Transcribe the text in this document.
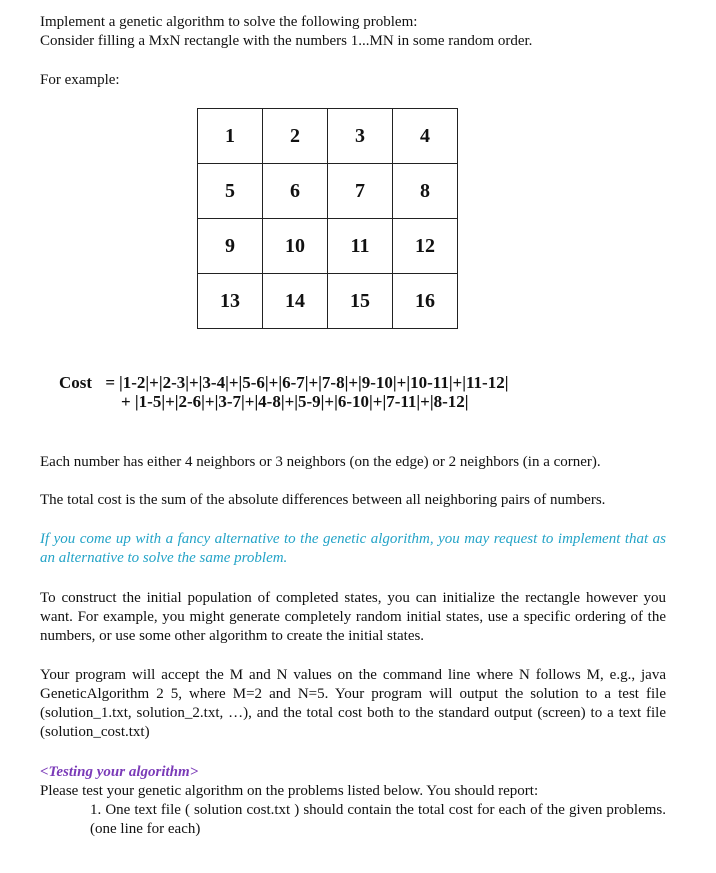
Implement a genetic algorithm to solve the following problem:
Consider filling a MxN rectangle with the numbers 1...MN in some random order.
For example:
1	2	3	4
5	6	7	8
9	10	11	12
13	14	15	16
Cost = |1-2|+|2-3|+|3-4|+|5-6|+|6-7|+|7-8|+|9-10|+|10-11|+|11-12|
+ |1-5|+|2-6|+|3-7|+|4-8|+|5-9|+|6-10|+|7-11|+|8-12|
Each number has either 4 neighbors or 3 neighbors (on the edge) or 2 neighbors (in a corner).
The total cost is the sum of the absolute differences between all neighboring pairs of numbers.
If you come up with a fancy alternative to the genetic algorithm, you may request to implement that as an alternative to solve the same problem.
To construct the initial population of completed states, you can initialize the rectangle however you want. For example, you might generate completely random initial states, use a specific ordering of the numbers, or use some other algorithm to create the initial states.
Your program will accept the M and N values on the command line where N follows M, e.g., java GeneticAlgorithm 2 5, where M=2 and N=5. Your program will output the solution to a test file (solution_1.txt, solution_2.txt, …), and the total cost both to the standard output (screen) to a text file (solution_cost.txt)
<Testing your algorithm>
Please test your genetic algorithm on the problems listed below. You should report:
1. One text file ( solution cost.txt ) should contain the total cost for each of the given problems. (one line for each)
